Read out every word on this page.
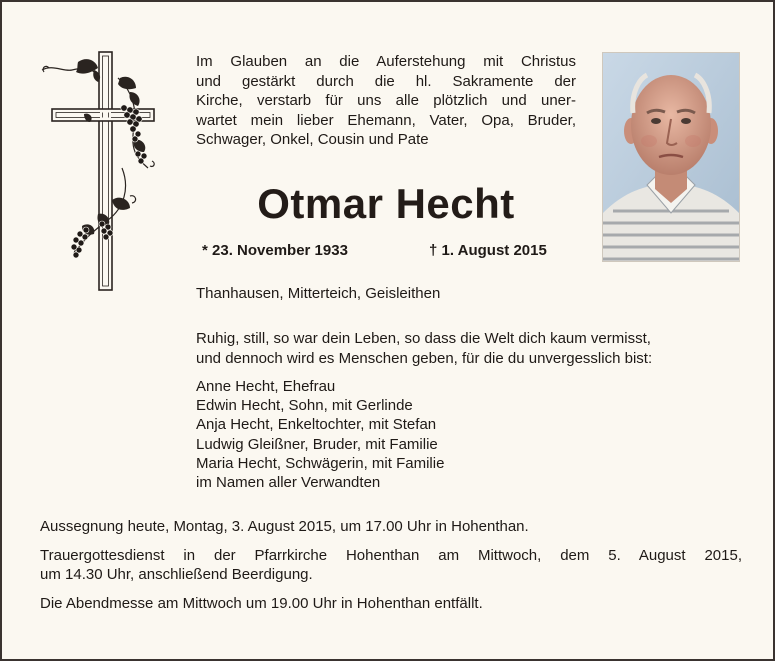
Im Glauben an die Auferstehung mit Christus
und gestärkt durch die hl. Sakramente der
Kirche, verstarb für uns alle plötzlich und uner-
wartet mein lieber Ehemann, Vater, Opa, Bruder,
Schwager, Onkel, Cousin und Pate
Otmar Hecht
* 23. November 1933	† 1. August 2015
Thanhausen, Mitterteich, Geisleithen
Ruhig, still, so war dein Leben, so dass die Welt dich kaum vermisst,
und dennoch wird es Menschen geben, für die du unvergesslich bist:
Anne Hecht, Ehefrau
Edwin Hecht, Sohn, mit Gerlinde
Anja Hecht, Enkeltochter, mit Stefan
Ludwig Gleißner, Bruder, mit Familie
Maria Hecht, Schwägerin, mit Familie
im Namen aller Verwandten

Aussegnung heute, Montag, 3. August 2015, um 17.00 Uhr in Hohenthan.

Trauergottesdienst in der Pfarrkirche Hohenthan am Mittwoch, dem 5. August 2015,
um 14.30 Uhr, anschließend Beerdigung.

Die Abendmesse am Mittwoch um 19.00 Uhr in Hohenthan entfällt.
